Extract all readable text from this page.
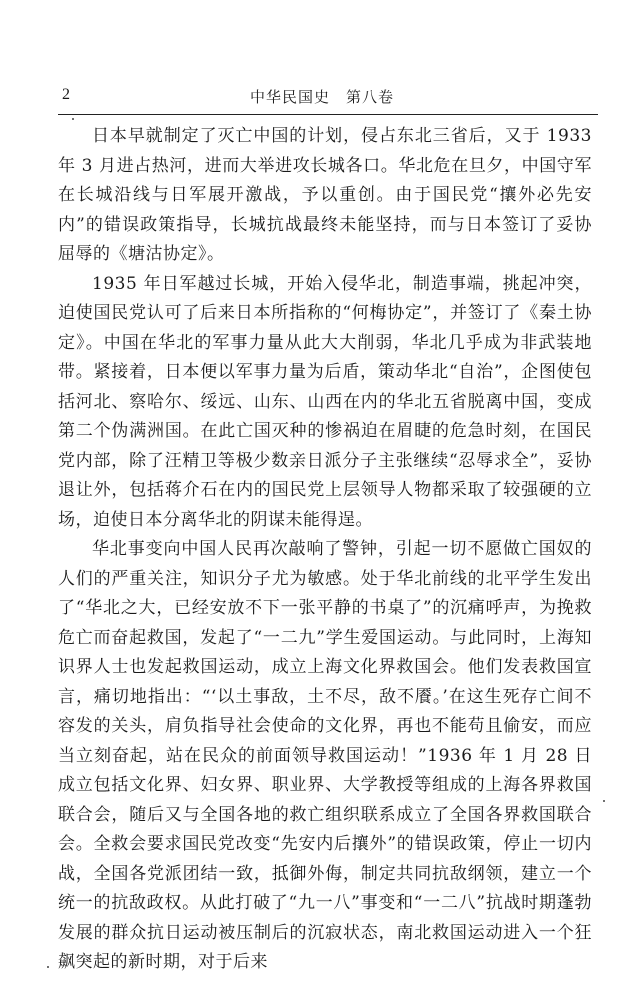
2	中华民国史　第八卷

日本早就制定了灭亡中国的计划，侵占东北三省后，又于 1933 年 3 月进占热河，进而大举进攻长城各口。华北危在旦夕，中国守军在长城沿线与日军展开激战，予以重创。由于国民党“攘外必先安内”的错误政策指导，长城抗战最终未能坚持，而与日本签订了妥协屈辱的《塘沽协定》。

1935 年日军越过长城，开始入侵华北，制造事端，挑起冲突，迫使国民党认可了后来日本所指称的“何梅协定”，并签订了《秦土协定》。中国在华北的军事力量从此大大削弱，华北几乎成为非武装地带。紧接着，日本便以军事力量为后盾，策动华北“自治”，企图使包括河北、察哈尔、绥远、山东、山西在内的华北五省脱离中国，变成第二个伪满洲国。在此亡国灭种的惨祸迫在眉睫的危急时刻，在国民党内部，除了汪精卫等极少数亲日派分子主张继续“忍辱求全”，妥协退让外，包括蒋介石在内的国民党上层领导人物都采取了较强硬的立场，迫使日本分离华北的阴谋未能得逞。

华北事变向中国人民再次敲响了警钟，引起一切不愿做亡国奴的人们的严重关注，知识分子尤为敏感。处于华北前线的北平学生发出了“华北之大，已经安放不下一张平静的书桌了”的沉痛呼声，为挽救危亡而奋起救国，发起了“一二九”学生爱国运动。与此同时，上海知识界人士也发起救国运动，成立上海文化界救国会。他们发表救国宣言，痛切地指出：“‘以土事敌，土不尽，敌不餍。’在这生死存亡间不容发的关头，肩负指导社会使命的文化界，再也不能苟且偷安，而应当立刻奋起，站在民众的前面领导救国运动！”1936 年 1 月 28 日成立包括文化界、妇女界、职业界、大学教授等组成的上海各界救国联合会，随后又与全国各地的救亡组织联系成立了全国各界救国联合会。全救会要求国民党改变“先安内后攘外”的错误政策，停止一切内战，全国各党派团结一致，抵御外侮，制定共同抗敌纲领，建立一个统一的抗敌政权。从此打破了“九一八”事变和“一二八”抗战时期蓬勃发展的群众抗日运动被压制后的沉寂状态，南北救国运动进入一个狂飙突起的新时期，对于后来
